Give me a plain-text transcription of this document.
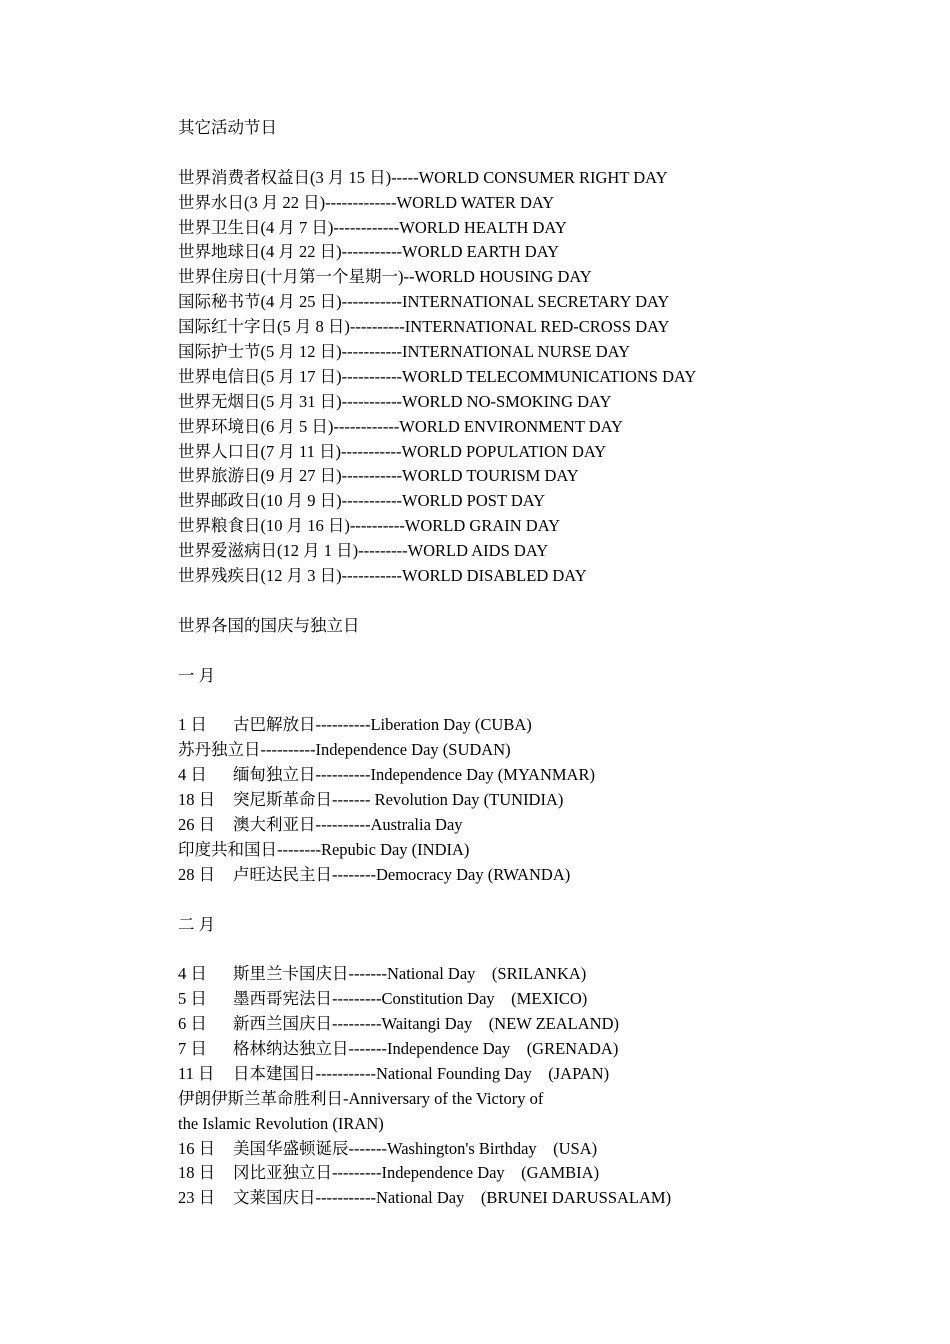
其它活动节日
世界消费者权益日(3 月 15 日)-----WORLD CONSUMER RIGHT DAY
世界水日(3 月 22 日)-------------WORLD WATER DAY
世界卫生日(4 月 7 日)------------WORLD HEALTH DAY
世界地球日(4 月 22 日)-----------WORLD EARTH DAY
世界住房日(十月第一个星期一)--WORLD HOUSING DAY
国际秘书节(4 月 25 日)-----------INTERNATIONAL SECRETARY DAY
国际红十字日(5 月 8 日)----------INTERNATIONAL RED-CROSS DAY
国际护士节(5 月 12 日)-----------INTERNATIONAL NURSE DAY
世界电信日(5 月 17 日)-----------WORLD TELECOMMUNICATIONS DAY
世界无烟日(5 月 31 日)-----------WORLD NO-SMOKING DAY
世界环境日(6 月 5 日)------------WORLD ENVIRONMENT DAY
世界人口日(7 月 11 日)-----------WORLD POPULATION DAY
世界旅游日(9 月 27 日)-----------WORLD TOURISM DAY
世界邮政日(10 月 9 日)-----------WORLD POST DAY
世界粮食日(10 月 16 日)----------WORLD GRAIN DAY
世界爱滋病日(12 月 1 日)---------WORLD AIDS DAY
世界残疾日(12 月 3 日)-----------WORLD DISABLED DAY
世界各国的国庆与独立日
一 月
1 日 古巴解放日----------Liberation Day (CUBA)
苏丹独立日----------Independence Day (SUDAN)
4 日 缅甸独立日----------Independence Day (MYANMAR)
18 日 突尼斯革命日------- Revolution Day (TUNIDIA)
26 日 澳大利亚日----------Australia Day
印度共和国日--------Repubic Day (INDIA)
28 日 卢旺达民主日--------Democracy Day (RWANDA)
二 月
4 日 斯里兰卡国庆日-------National Day    (SRILANKA)
5 日 墨西哥宪法日---------Constitution Day    (MEXICO)
6 日 新西兰国庆日---------Waitangi Day    (NEW ZEALAND)
7 日 格林纳达独立日-------Independence Day    (GRENADA)
11 日 日本建国日-----------National Founding Day    (JAPAN)
伊朗伊斯兰革命胜利日-Anniversary of the Victory of
the Islamic Revolution (IRAN)
16 日 美国华盛顿诞辰-------Washington's Birthday    (USA)
18 日 冈比亚独立日---------Independence Day    (GAMBIA)
23 日 文莱国庆日-----------National Day    (BRUNEI DARUSSALAM)
